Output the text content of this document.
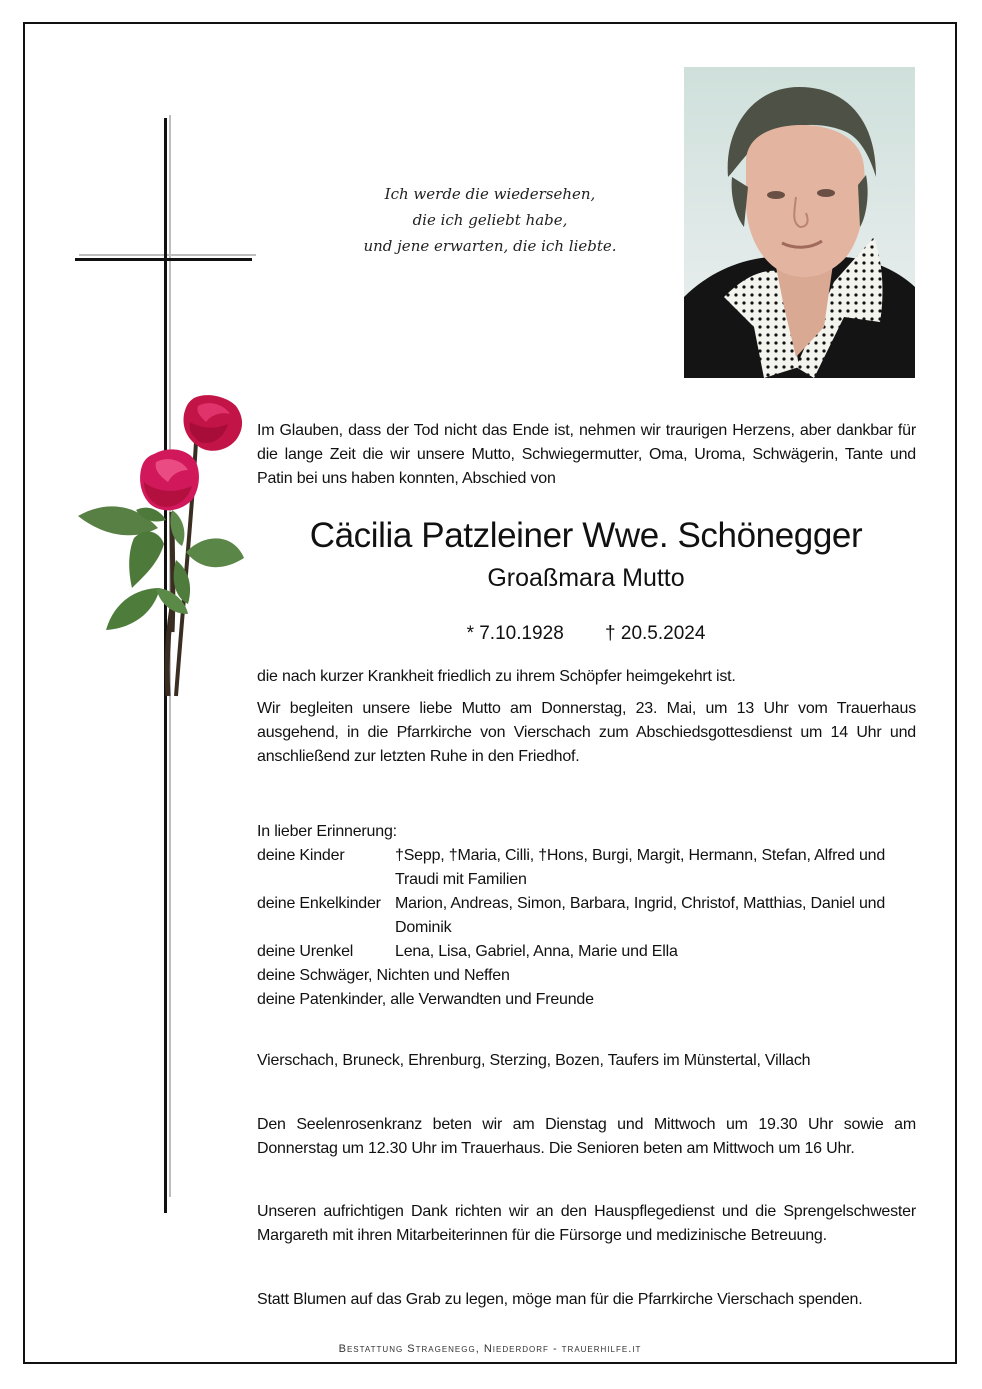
Ich werde die wiedersehen,
die ich geliebt habe,
und jene erwarten, die ich liebte.
Im Glauben, dass der Tod nicht das Ende ist, nehmen wir traurigen Herzens, aber dankbar für die lange Zeit die wir unsere Mutto, Schwiegermutter, Oma, Uroma, Schwägerin, Tante und Patin bei uns haben konnten, Abschied von
Cäcilia Patzleiner Wwe. Schönegger
Groaßmara Mutto
* 7.10.1928 † 20.5.2024
die nach kurzer Krankheit friedlich zu ihrem Schöpfer heimgekehrt ist.
Wir begleiten unsere liebe Mutto am Donnerstag, 23. Mai, um 13 Uhr vom Trauerhaus ausgehend, in die Pfarrkirche von Vierschach zum Abschiedsgottesdienst um 14 Uhr und anschließend zur letzten Ruhe in den Friedhof.
In lieber Erinnerung:
deine Kinder	†Sepp, †Maria, Cilli, †Hons, Burgi, Margit, Hermann, Stefan, Alfred und Traudi mit Familien
deine Enkelkinder Marion, Andreas, Simon, Barbara, Ingrid, Christof, Matthias, Daniel und Dominik
deine Urenkel	Lena, Lisa, Gabriel, Anna, Marie und Ella
deine Schwäger, Nichten und Neffen
deine Patenkinder, alle Verwandten und Freunde
Vierschach, Bruneck, Ehrenburg, Sterzing, Bozen, Taufers im Münstertal, Villach
Den Seelenrosenkranz beten wir am Dienstag und Mittwoch um 19.30 Uhr sowie am Donnerstag um 12.30 Uhr im Trauerhaus. Die Senioren beten am Mittwoch um 16 Uhr.
Unseren aufrichtigen Dank richten wir an den Hauspflegedienst und die Sprengelschwester Margareth mit ihren Mitarbeiterinnen für die Fürsorge und medizinische Betreuung.
Statt Blumen auf das Grab zu legen, möge man für die Pfarrkirche Vierschach spenden.
Bestattung Stragenegg, Niederdorf - trauerhilfe.it
